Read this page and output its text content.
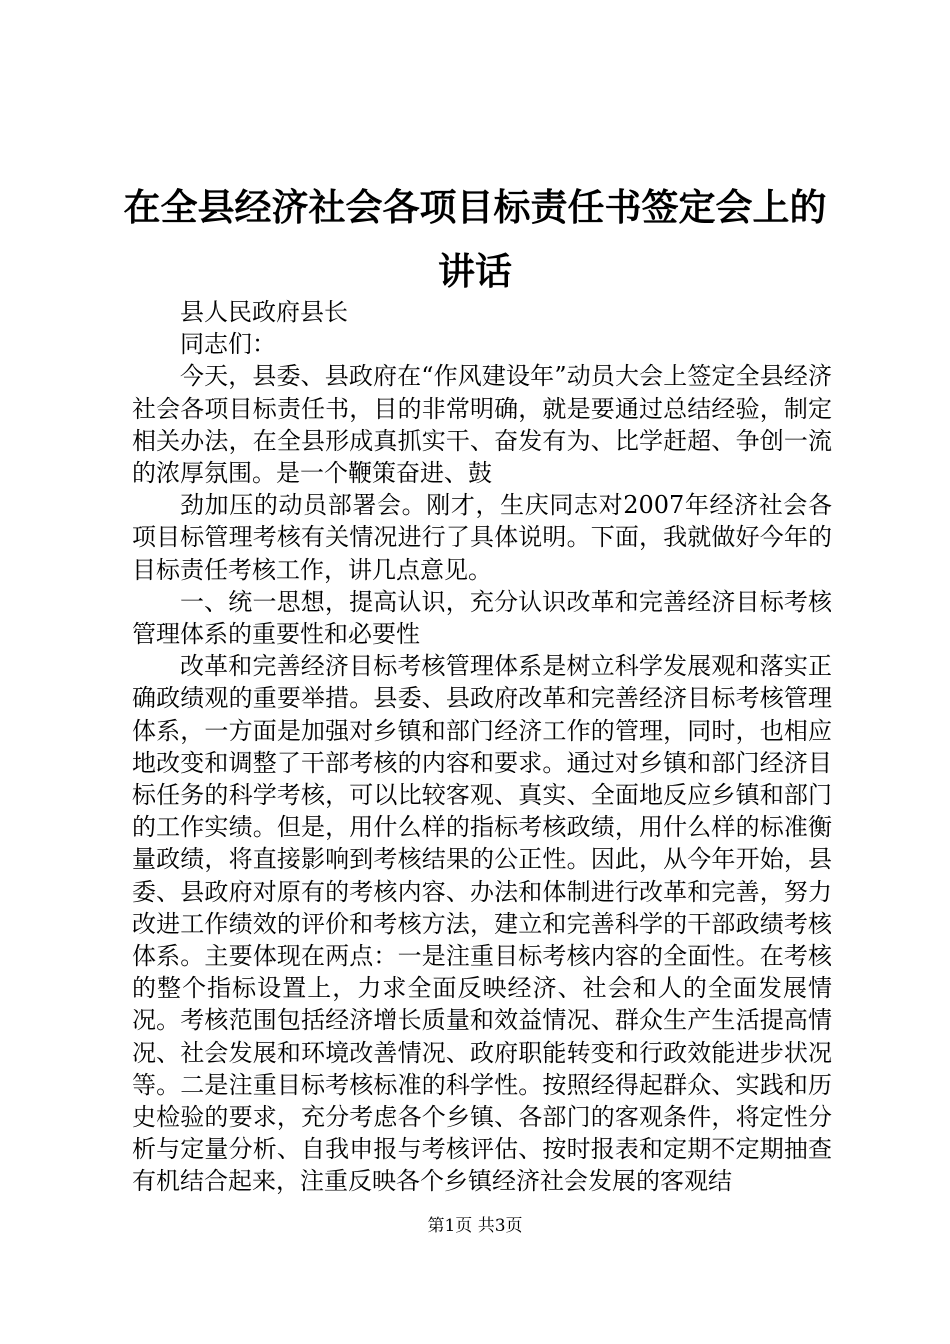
在全县经济社会各项目标责任书签定会上的讲话

县人民政府县长

同志们：

今天，县委、县政府在“作风建设年”动员大会上签定全县经济社会各项目标责任书，目的非常明确，就是要通过总结经验，制定相关办法，在全县形成真抓实干、奋发有为、比学赶超、争创一流的浓厚氛围。是一个鞭策奋进、鼓

劲加压的动员部署会。刚才，生庆同志对2007年经济社会各项目标管理考核有关情况进行了具体说明。下面，我就做好今年的目标责任考核工作，讲几点意见。

一、统一思想，提高认识，充分认识改革和完善经济目标考核管理体系的重要性和必要性

改革和完善经济目标考核管理体系是树立科学发展观和落实正确政绩观的重要举措。县委、县政府改革和完善经济目标考核管理体系，一方面是加强对乡镇和部门经济工作的管理，同时，也相应地改变和调整了干部考核的内容和要求。通过对乡镇和部门经济目标任务的科学考核，可以比较客观、真实、全面地反应乡镇和部门的工作实绩。但是，用什么样的指标考核政绩，用什么样的标准衡量政绩，将直接影响到考核结果的公正性。因此，从今年开始，县委、县政府对原有的考核内容、办法和体制进行改革和完善，努力改进工作绩效的评价和考核方法，建立和完善科学的干部政绩考核体系。主要体现在两点：一是注重目标考核内容的全面性。在考核的整个指标设置上，力求全面反映经济、社会和人的全面发展情况。考核范围包括经济增长质量和效益情况、群众生产生活提高情况、社会发展和环境改善情况、政府职能转变和行政效能进步状况等。二是注重目标考核标准的科学性。按照经得起群众、实践和历史检验的要求，充分考虑各个乡镇、各部门的客观条件，将定性分析与定量分析、自我申报与考核评估、按时报表和定期不定期抽查有机结合起来，注重反映各个乡镇经济社会发展的客观结

第1页 共3页
